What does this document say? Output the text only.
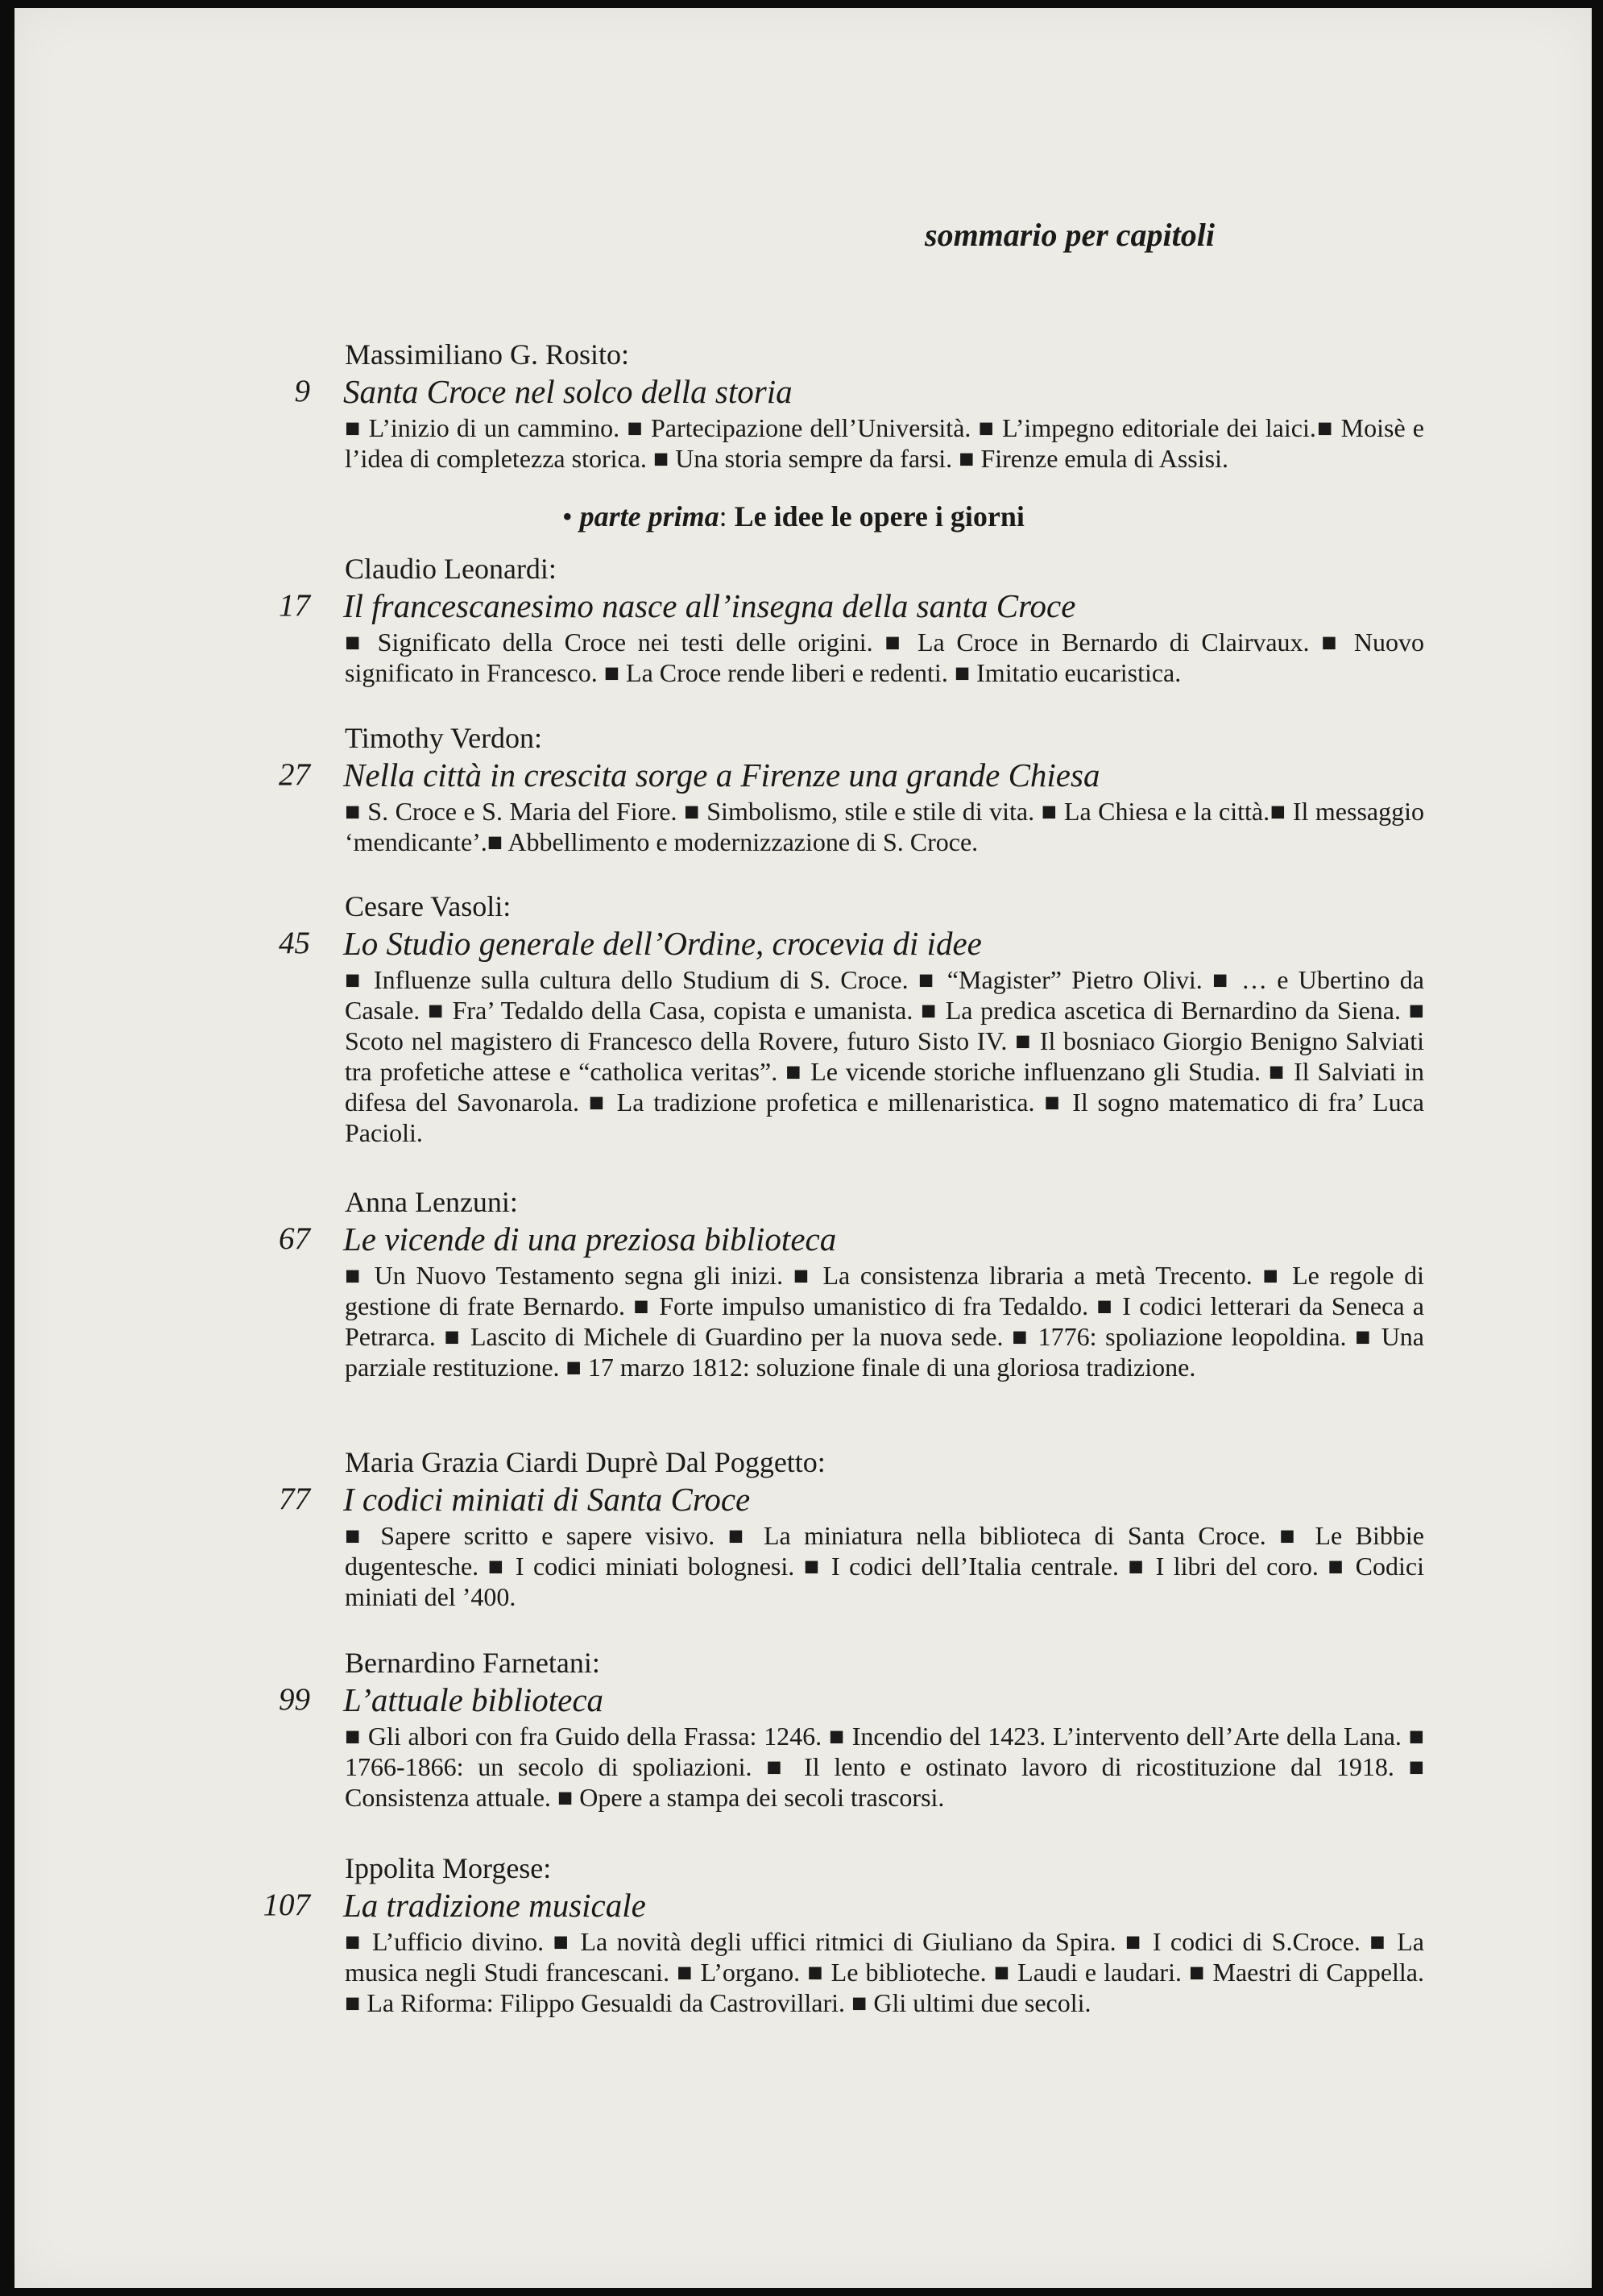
sommario per capitoli
Massimiliano G. Rosito:
9 Santa Croce nel solco della storia
■ L’inizio di un cammino. ■ Partecipazione dell’Università. ■ L’impegno editoriale dei laici.■ Moisè e l’idea di completezza storica. ■ Una storia sempre da farsi. ■ Firenze emula di Assisi.
• parte prima: Le idee le opere i giorni
Claudio Leonardi:
17 Il francescanesimo nasce all’insegna della santa Croce
■ Significato della Croce nei testi delle origini. ■ La Croce in Bernardo di Clairvaux. ■ Nuovo significato in Francesco. ■ La Croce rende liberi e redenti. ■ Imitatio eucaristica.
Timothy Verdon:
27 Nella città in crescita sorge a Firenze una grande Chiesa
■ S. Croce e S. Maria del Fiore. ■ Simbolismo, stile e stile di vita. ■ La Chiesa e la città.■ Il messaggio ‘mendicante’.■ Abbellimento e modernizzazione di S. Croce.
Cesare Vasoli:
45 Lo Studio generale dell’Ordine, crocevia di idee
■ Influenze sulla cultura dello Studium di S. Croce. ■ “Magister” Pietro Olivi. ■ … e Ubertino da Casale. ■ Fra’ Tedaldo della Casa, copista e umanista. ■ La predica ascetica di Bernardino da Siena. ■ Scoto nel magistero di Francesco della Rovere, futuro Sisto IV. ■ Il bosniaco Giorgio Benigno Salviati tra profetiche attese e “catholica veritas”. ■ Le vicende storiche influenzano gli Studia. ■ Il Salviati in difesa del Savonarola. ■ La tradizione profetica e millenaristica. ■ Il sogno matematico di fra’ Luca Pacioli.
Anna Lenzuni:
67 Le vicende di una preziosa biblioteca
■ Un Nuovo Testamento segna gli inizi. ■ La consistenza libraria a metà Trecento. ■ Le regole di gestione di frate Bernardo. ■ Forte impulso umanistico di fra Tedaldo. ■ I codici letterari da Seneca a Petrarca. ■ Lascito di Michele di Guardino per la nuova sede. ■ 1776: spoliazione leopoldina. ■ Una parziale restituzione. ■ 17 marzo 1812: soluzione finale di una gloriosa tradizione.
Maria Grazia Ciardi Duprè Dal Poggetto:
77 I codici miniati di Santa Croce
■ Sapere scritto e sapere visivo. ■ La miniatura nella biblioteca di Santa Croce. ■ Le Bibbie dugentesche. ■ I codici miniati bolognesi. ■ I codici dell’Italia centrale. ■ I libri del coro. ■ Codici miniati del ’400.
Bernardino Farnetani:
99 L’attuale biblioteca
■ Gli albori con fra Guido della Frassa: 1246. ■ Incendio del 1423. L’intervento dell’Arte della Lana. ■ 1766-1866: un secolo di spoliazioni. ■ Il lento e ostinato lavoro di ricostituzione dal 1918. ■ Consistenza attuale. ■ Opere a stampa dei secoli trascorsi.
Ippolita Morgese:
107 La tradizione musicale
■ L’ufficio divino. ■ La novità degli uffici ritmici di Giuliano da Spira. ■ I codici di S.Croce. ■ La musica negli Studi francescani. ■ L’organo. ■ Le biblioteche. ■ Laudi e laudari. ■ Maestri di Cappella. ■ La Riforma: Filippo Gesualdi da Castrovillari. ■ Gli ultimi due secoli.
